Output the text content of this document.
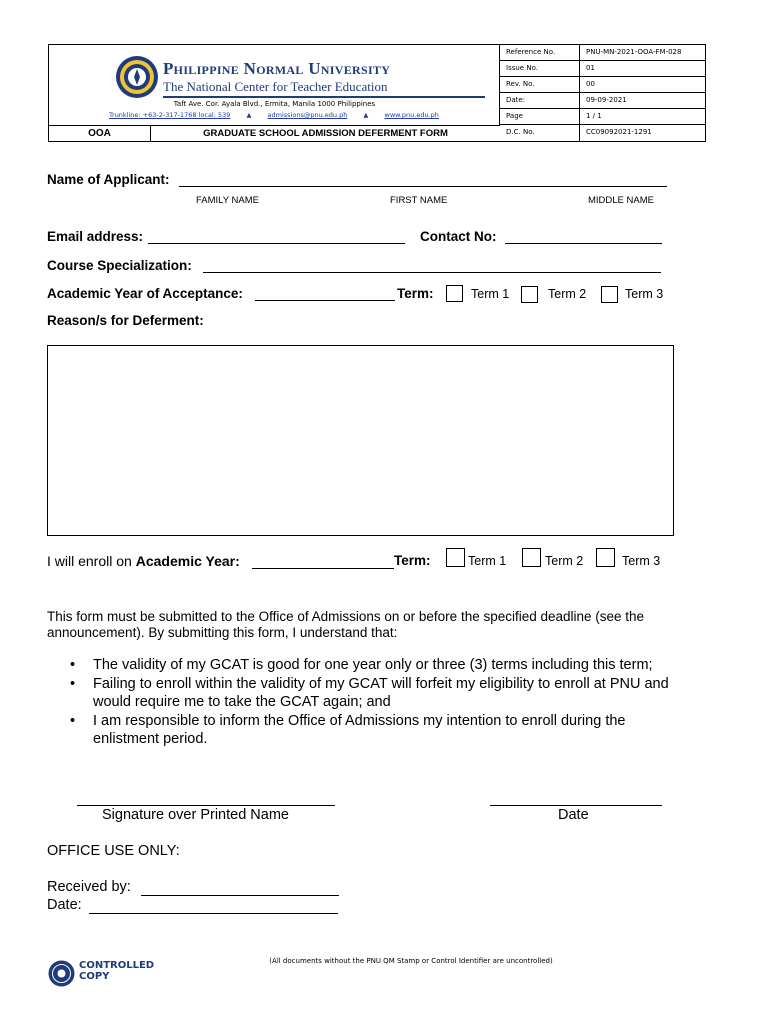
Philippine Normal University
The National Center for Teacher Education
Taft Ave. Cor. Ayala Blvd., Ermita, Manila 1000 Philippines
Trunkline: +63-2-317-1768 local: 539 ▲ admissions@pnu.edu.ph ▲ www.pnu.edu.ph
OOA	GRADUATE SCHOOL ADMISSION DEFERMENT FORM
Reference No.	PNU-MN-2021-OOA-FM-028
Issue No.	01
Rev. No.	00
Date:	09-09-2021
Page	1 / 1
D.C. No.	CC09092021-1291
Name of Applicant:
FAMILY NAME	FIRST NAME	MIDDLE NAME
Email address:	Contact No:
Course Specialization:
Academic Year of Acceptance:	Term:	Term 1	Term 2	Term 3
Reason/s for Deferment:
I will enroll on Academic Year:	Term:	Term 1	Term 2	Term 3
This form must be submitted to the Office of Admissions on or before the specified deadline (see the announcement). By submitting this form, I understand that:
• The validity of my GCAT is good for one year only or three (3) terms including this term;
• Failing to enroll within the validity of my GCAT will forfeit my eligibility to enroll at PNU and would require me to take the GCAT again; and
• I am responsible to inform the Office of Admissions my intention to enroll during the enlistment period.
Signature over Printed Name	Date
OFFICE USE ONLY:
Received by:
Date:
CONTROLLED
COPY
(All documents without the PNU QM Stamp or Control Identifier are uncontrolled)
